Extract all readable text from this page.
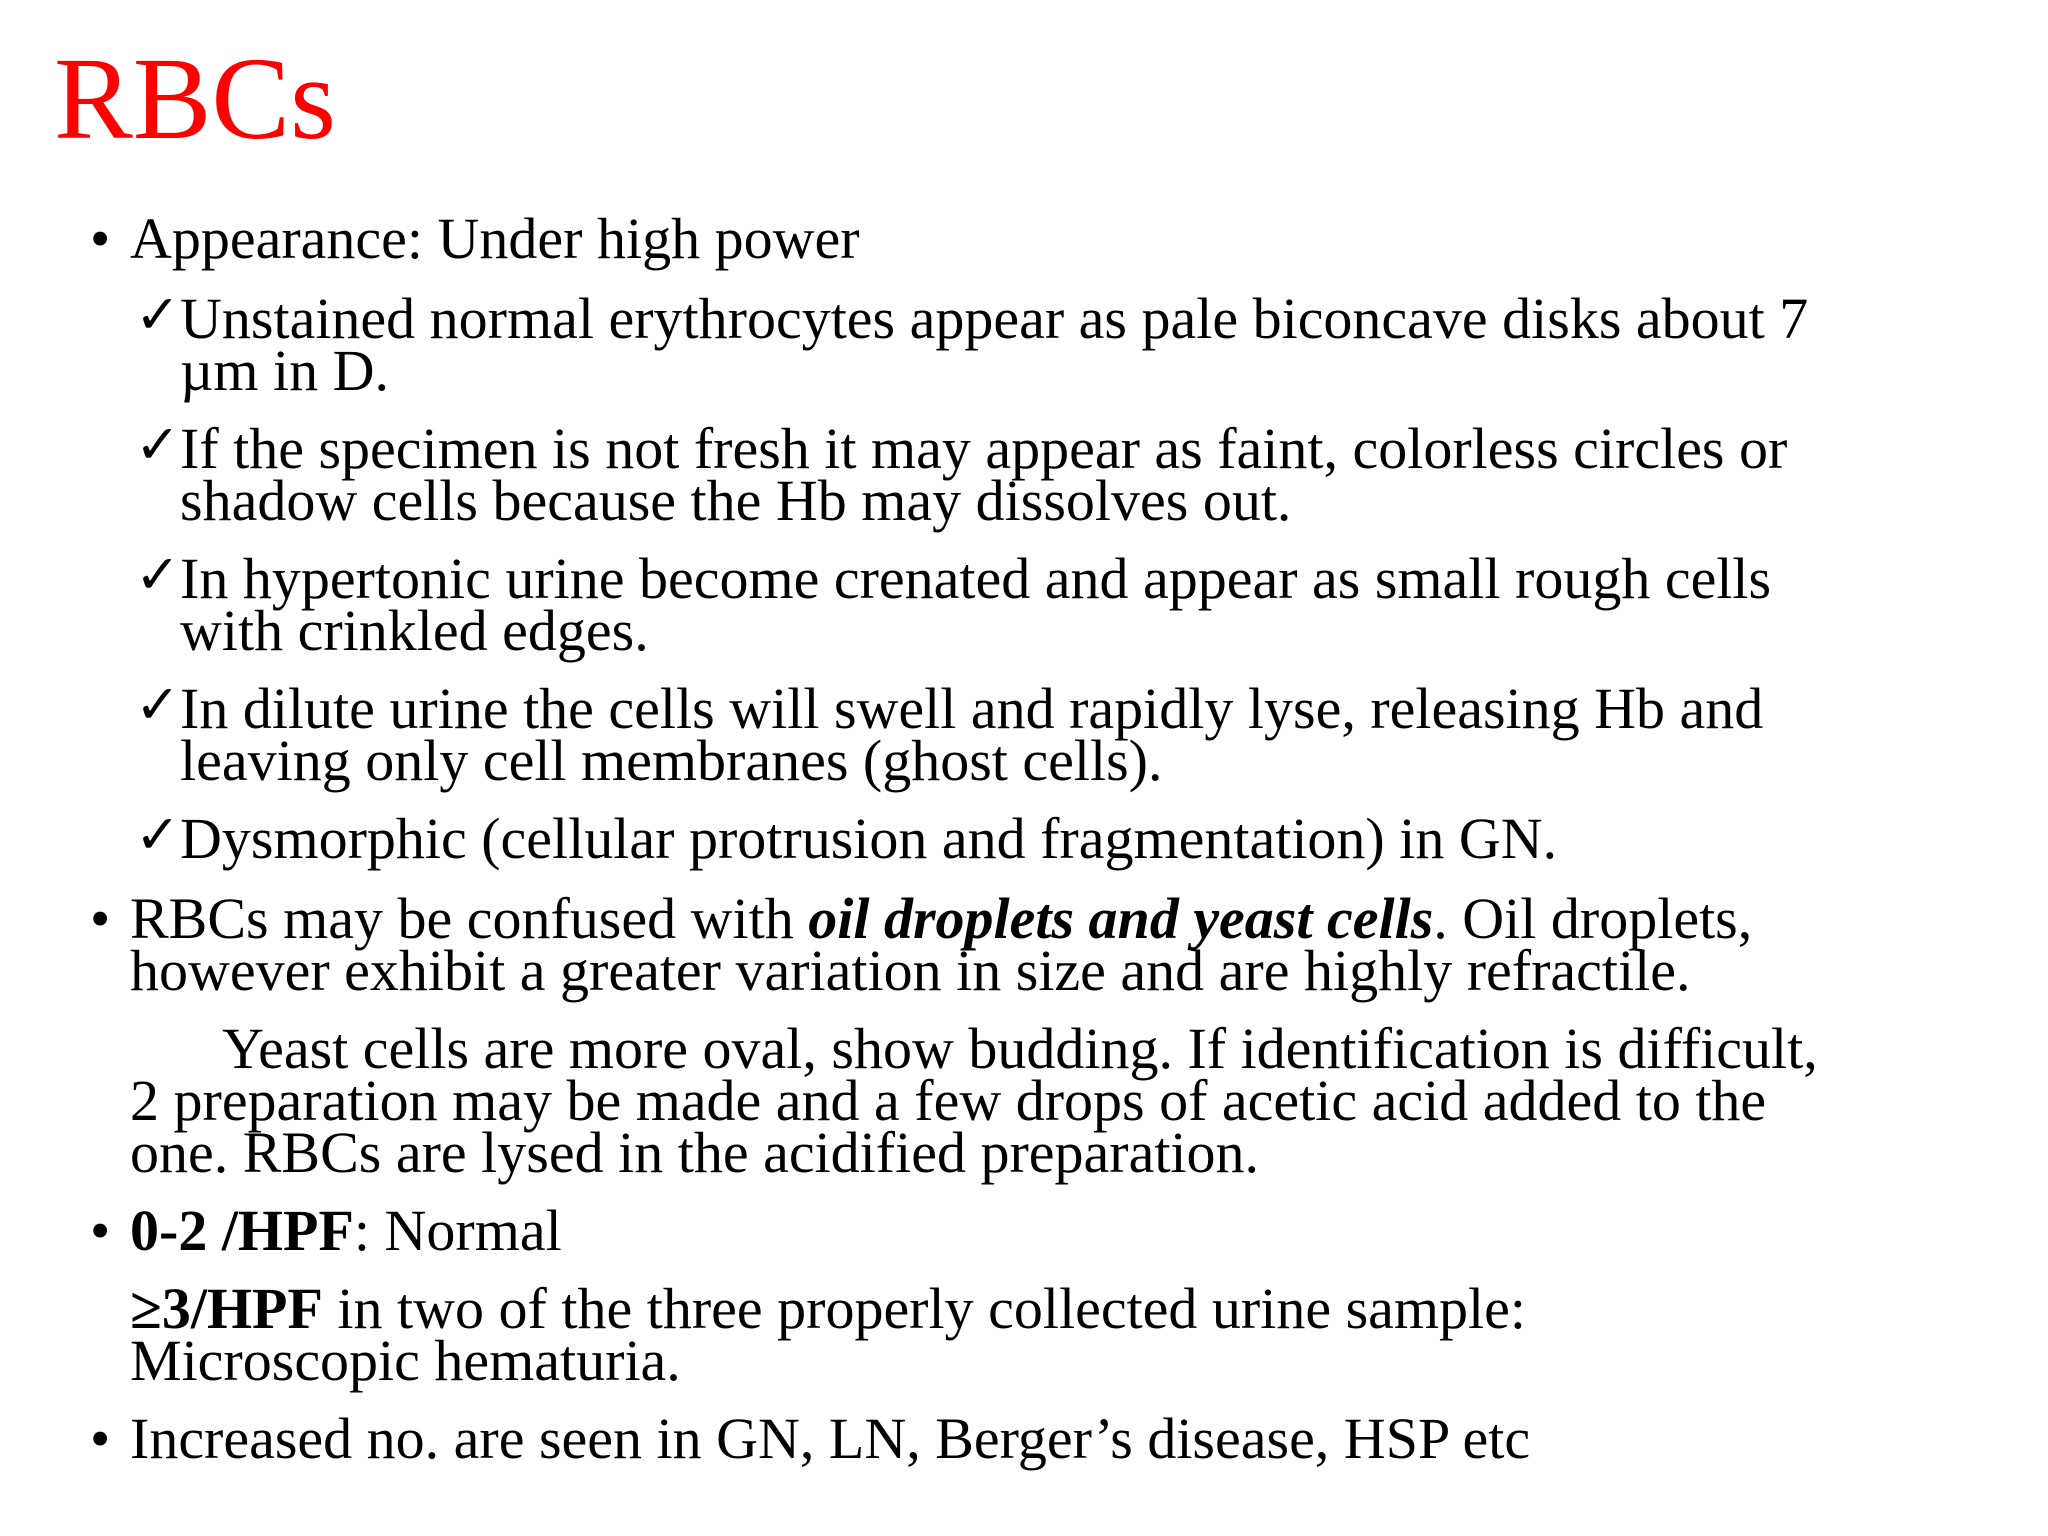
RBCs
• Appearance: Under high power
✓ Unstained normal erythrocytes appear as pale biconcave disks about 7
µm in D.
✓ If the specimen is not fresh it may appear as faint, colorless circles or
shadow cells because the Hb may dissolves out.
✓ In hypertonic urine become crenated and appear as small rough cells
with crinkled edges.
✓ In dilute urine the cells will swell and rapidly lyse, releasing Hb and
leaving only cell membranes (ghost cells).
✓ Dysmorphic (cellular protrusion and fragmentation) in GN.
• RBCs may be confused with oil droplets and yeast cells. Oil droplets,
however exhibit a greater variation in size and are highly refractile.
Yeast cells are more oval, show budding. If identification is difficult,
2 preparation may be made and a few drops of acetic acid added to the
one. RBCs are lysed in the acidified preparation.
• 0-2 /HPF: Normal
≥3/HPF in two of the three properly collected urine sample:
Microscopic hematuria.
• Increased no. are seen in GN, LN, Berger’s disease, HSP etc
